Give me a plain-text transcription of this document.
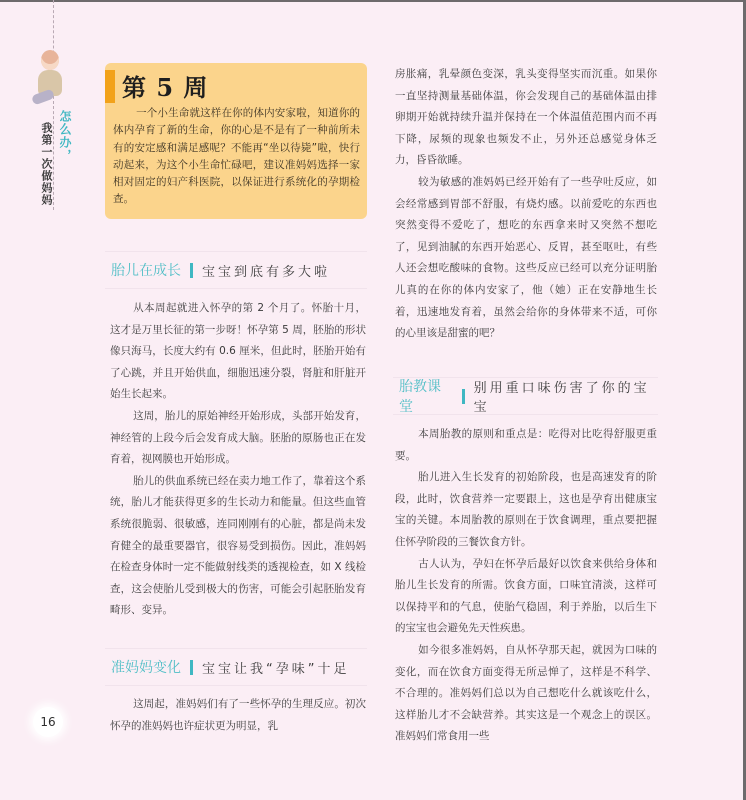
怎么办，
我第一次做妈妈
第 5 周
一个小生命就这样在你的体内安家啦，知道你的体内孕育了新的生命，你的心是不是有了一种前所未有的安定感和满足感呢？不能再“坐以待毙”啦，快行动起来，为这个小生命忙碌吧，建议准妈妈选择一家相对固定的妇产科医院，以保证进行系统化的孕期检查。
胎儿在成长 宝宝到底有多大啦

从本周起就进入怀孕的第 2 个月了。怀胎十月，这才是万里长征的第一步呀！怀孕第 5 周，胚胎的形状像只海马，长度大约有 0.6 厘米，但此时，胚胎开始有了心跳，并且开始供血，细胞迅速分裂，肾脏和肝脏开始生长起来。

这周，胎儿的原始神经开始形成，头部开始发育，神经管的上段今后会发育成大脑。胚胎的原肠也正在发育着，视网膜也开始形成。

胎儿的供血系统已经在卖力地工作了，靠着这个系统，胎儿才能获得更多的生长动力和能量。但这些血管系统很脆弱、很敏感，连同刚刚有的心脏，都是尚未发育健全的最重要器官，很容易受到损伤。因此，准妈妈在检查身体时一定不能做射线类的透视检查，如 X 线检查，这会使胎儿受到极大的伤害，可能会引起胚胎发育畸形、变异。

准妈妈变化 宝宝让我“孕味”十足

这周起，准妈妈们有了一些怀孕的生理反应。初次怀孕的准妈妈也许症状更为明显，乳

房胀痛，乳晕颜色变深，乳头变得坚实而沉重。如果你一直坚持测量基础体温，你会发现自己的基础体温由排卵期开始就持续升温并保持在一个体温值范围内而不再下降，尿频的现象也频发不止，另外还总感觉身体乏力，昏昏欲睡。

较为敏感的准妈妈已经开始有了一些孕吐反应，如会经常感到胃部不舒服，有烧灼感。以前爱吃的东西也突然变得不爱吃了，想吃的东西拿来时又突然不想吃了，见到油腻的东西开始恶心、反胃，甚至呕吐，有些人还会想吃酸味的食物。这些反应已经可以充分证明胎儿真的在你的体内安家了，他（她）正在安静地生长着，迅速地发育着，虽然会给你的身体带来不适，可你的心里该是甜蜜的吧？

胎教课堂
别用重口味伤害了你的宝宝

本周胎教的原则和重点是：吃得对比吃得舒服更重要。

胎儿进入生长发育的初始阶段，也是高速发育的阶段，此时，饮食营养一定要跟上，这也是孕育出健康宝宝的关键。本周胎教的原则在于饮食调理，重点要把握住怀孕阶段的三餐饮食方针。

古人认为，孕妇在怀孕后最好以饮食来供给身体和胎儿生长发育的所需。饮食方面，口味宜清淡，这样可以保持平和的气息，使胎气稳固，利于养胎，以后生下的宝宝也会避免先天性疾患。

如今很多准妈妈，自从怀孕那天起，就因为口味的变化，而在饮食方面变得无所忌惮了，这样是不科学、不合理的。准妈妈们总以为自己想吃什么就该吃什么，这样胎儿才不会缺营养。其实这是一个观念上的误区。准妈妈们常食用一些

16
